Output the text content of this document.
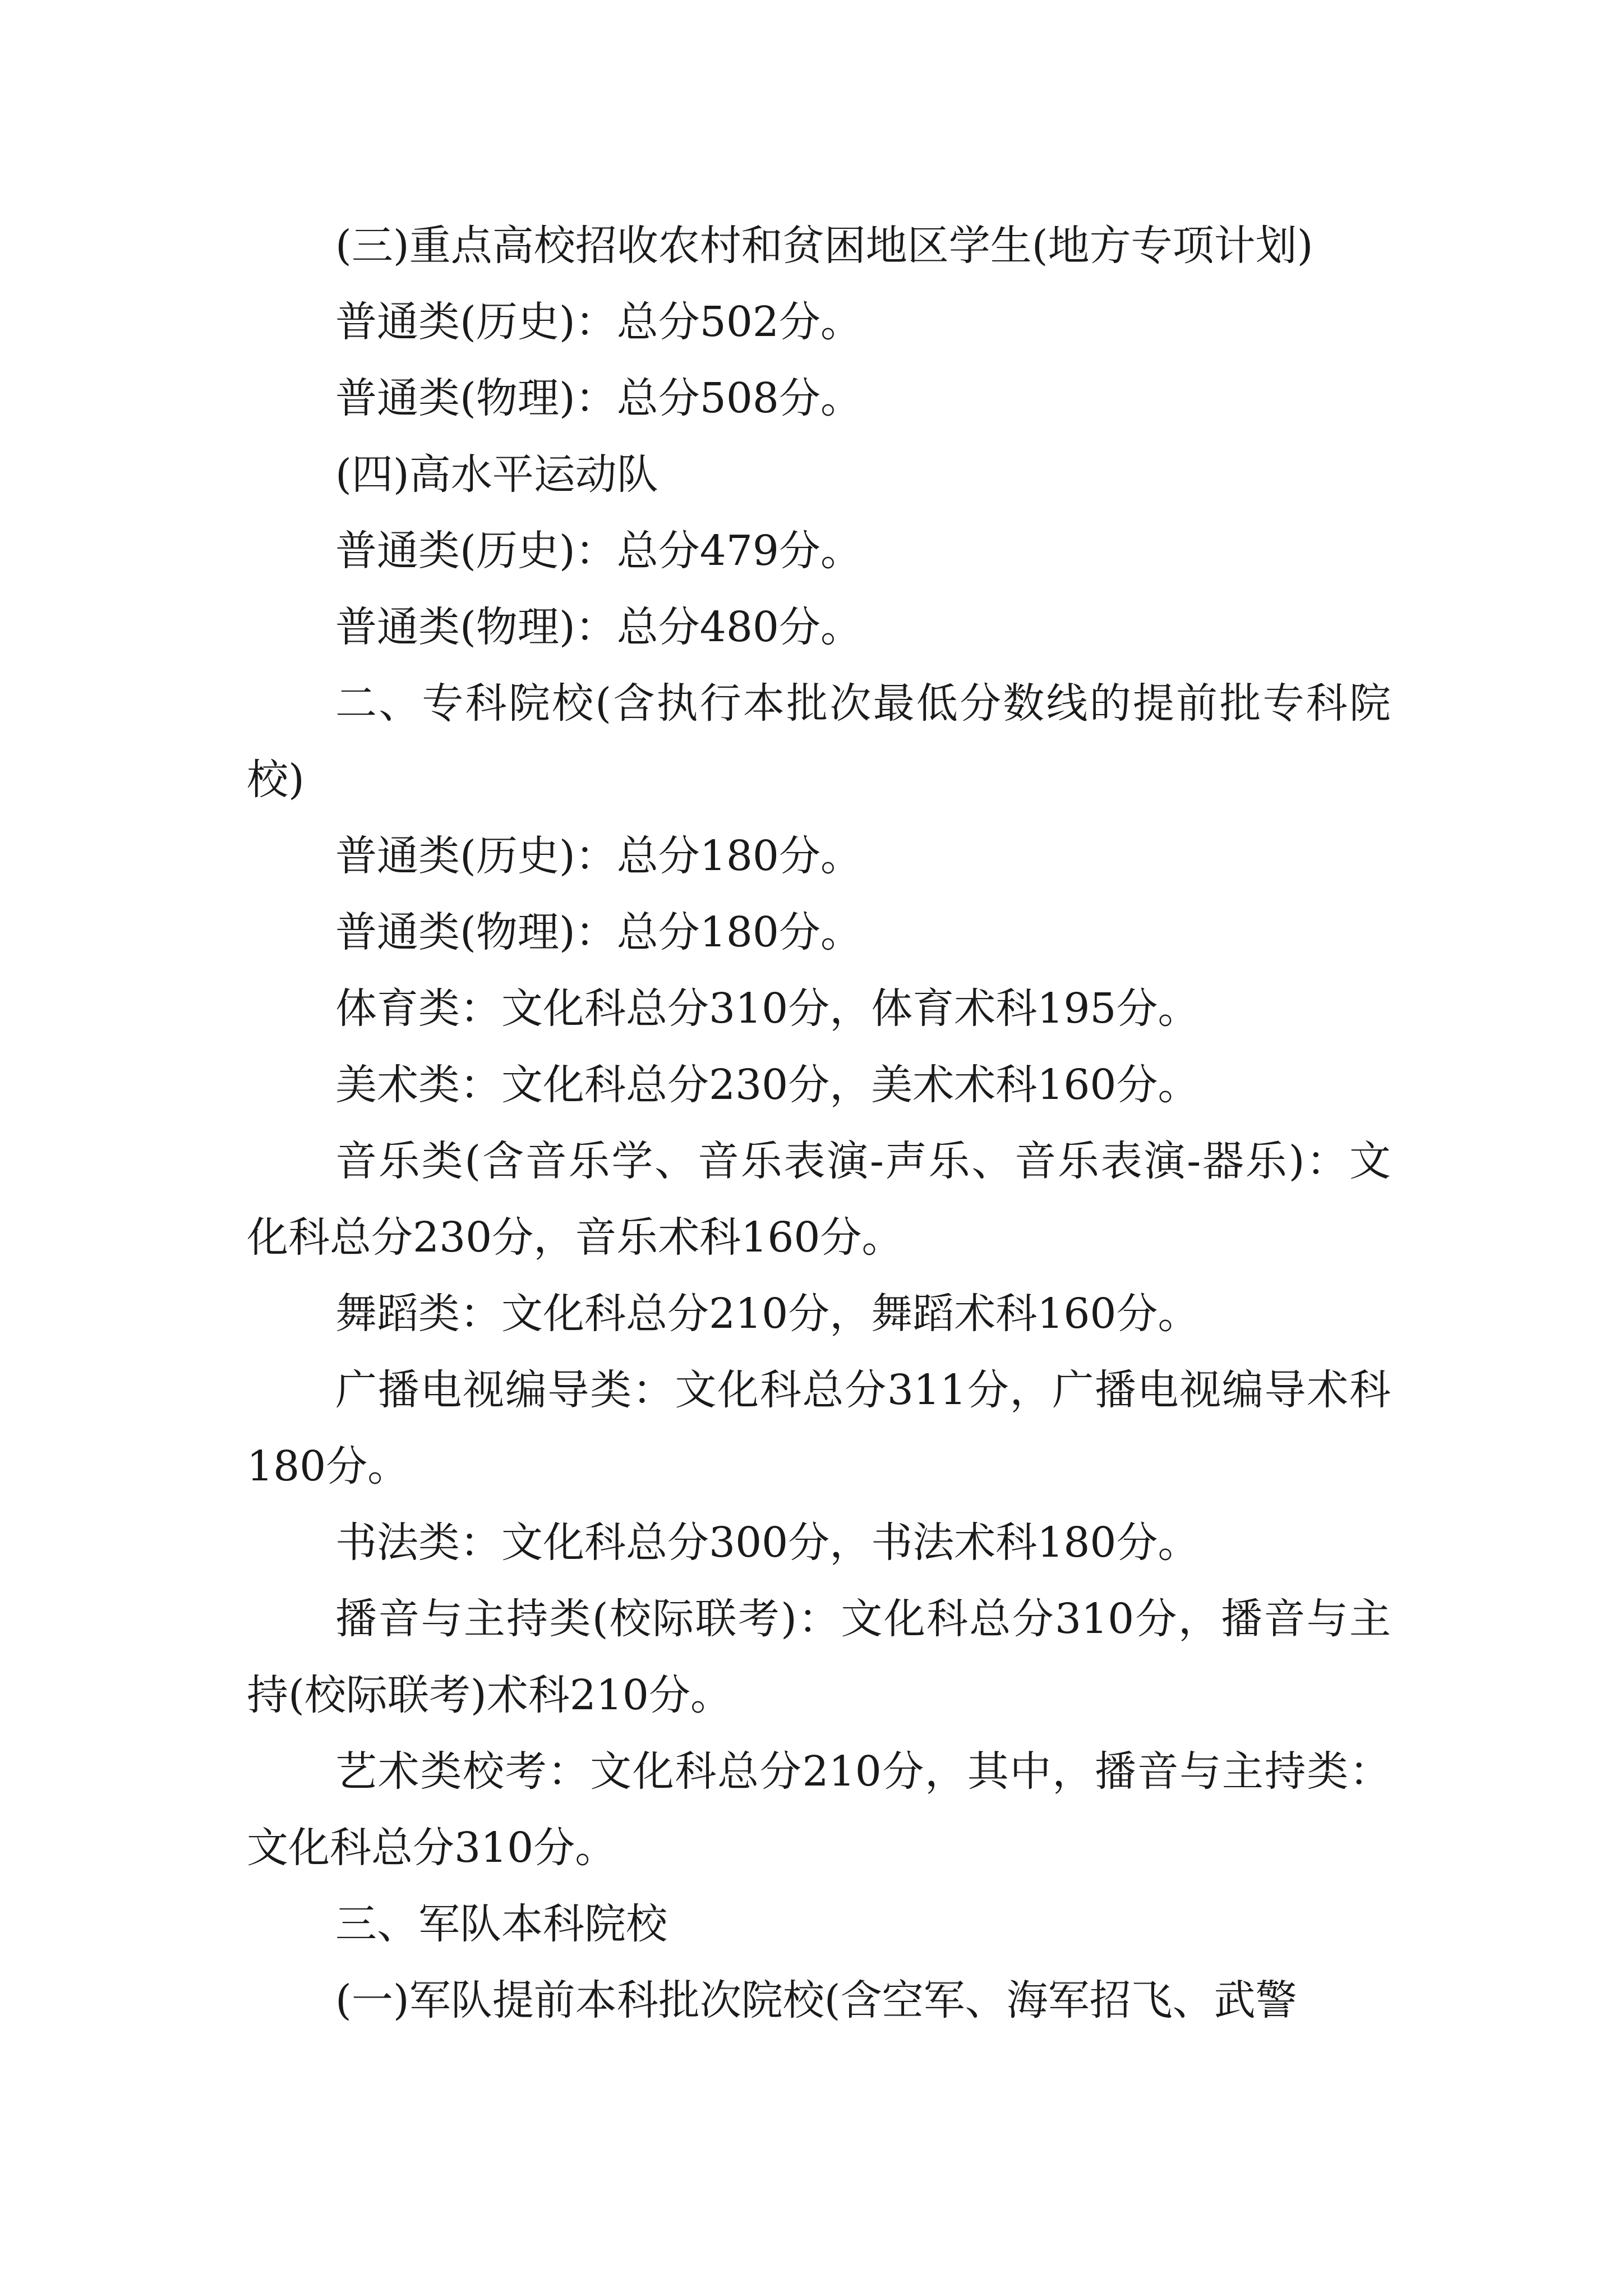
(三)重点高校招收农村和贫困地区学生(地方专项计划)

普通类(历史)：总分502分。

普通类(物理)：总分508分。

(四)高水平运动队

普通类(历史)：总分479分。

普通类(物理)：总分480分。

二、专科院校(含执行本批次最低分数线的提前批专科院校)

普通类(历史)：总分180分。

普通类(物理)：总分180分。

体育类：文化科总分310分，体育术科195分。

美术类：文化科总分230分，美术术科160分。

音乐类(含音乐学、音乐表演-声乐、音乐表演-器乐)：文化科总分230分，音乐术科160分。

舞蹈类：文化科总分210分，舞蹈术科160分。

广播电视编导类：文化科总分311分，广播电视编导术科180分。

书法类：文化科总分300分，书法术科180分。

播音与主持类(校际联考)：文化科总分310分，播音与主持(校际联考)术科210分。

艺术类校考：文化科总分210分，其中，播音与主持类：文化科总分310分。

三、军队本科院校

(一)军队提前本科批次院校(含空军、海军招飞、武警
